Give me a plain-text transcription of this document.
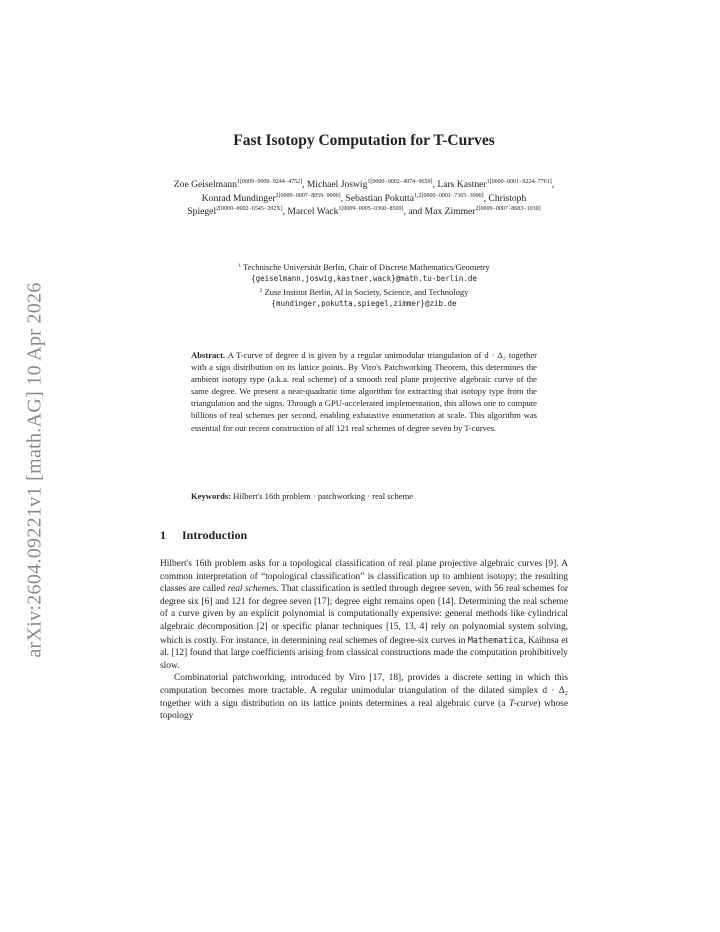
arXiv:2604.09221v1 [math.AG] 10 Apr 2026
Fast Isotopy Computation for T-Curves
Zoe Geiselmann$^{1[0009-0009-9244-4752]}$, Michael Joswig$^{1[0000-0002-4974-9659]}$, Lars Kastner$^{1[0000-0001-9224-7761]}$, Konrad Mundinger$^{2[0009-0007-8059-9090]}$, Sebastian Pokutta$^{1,2[0000-0001-7365-3000]}$, Christoph Spiegel$^{2[0000-0002-6545-202X]}$, Marcel Wack$^{1[0009-0005-0360-8569]}$, and Max Zimmer$^{2[0009-0007-8683-1030]}$
$^1$ Technische Universität Berlin, Chair of Discrete Mathematics/Geometry
{geiselmann,joswig,kastner,wack}@math.tu-berlin.de
$^2$ Zuse Institut Berlin, AI in Society, Science, and Technology
{mundinger,pokutta,spiegel,zimmer}@zib.de
Abstract. A T-curve of degree d is given by a regular unimodular triangulation of d · Δ₂ together with a sign distribution on its lattice points. By Viro's Patchworking Theorem, this determines the ambient isotopy type (a.k.a. real scheme) of a smooth real plane projective algebraic curve of the same degree. We present a near-quadratic time algorithm for extracting that isotopy type from the triangulation and the signs. Through a GPU-accelerated implementation, this allows one to compute billions of real schemes per second, enabling exhaustive enumeration at scale. This algorithm was essential for our recent construction of all 121 real schemes of degree seven by T-curves.
Keywords: Hilbert's 16th problem · patchworking · real scheme
1 Introduction

Hilbert's 16th problem asks for a topological classification of real plane projective algebraic curves [9]. A common interpretation of “topological classification” is classification up to ambient isotopy; the resulting classes are called real schemes. That classification is settled through degree seven, with 56 real schemes for degree six [6] and 121 for degree seven [17]; degree eight remains open [14]. Determining the real scheme of a curve given by an explicit polynomial is computationally expensive: general methods like cylindrical algebraic decomposition [2] or specific planar techniques [15, 13, 4] rely on polynomial system solving, which is costly. For instance, in determining real schemes of degree-six curves in Mathematica, Kaihnsa et al. [12] found that large coefficients arising from classical constructions made the computation prohibitively slow.

Combinatorial patchworking, introduced by Viro [17, 18], provides a discrete setting in which this computation becomes more tractable. A regular unimodular triangulation of the dilated simplex d · Δ₂ together with a sign distribution on its lattice points determines a real algebraic curve (a T-curve) whose topology
